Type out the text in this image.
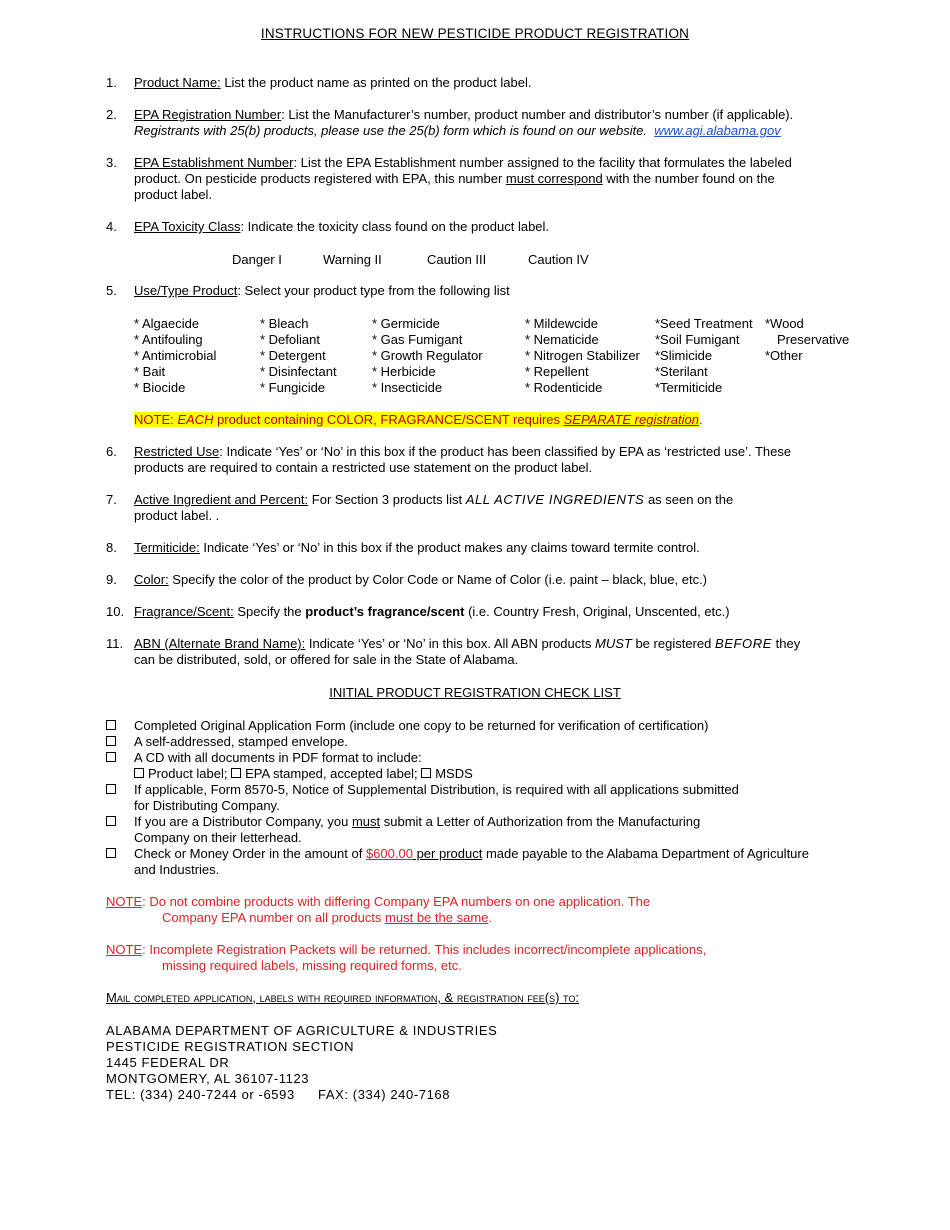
INSTRUCTIONS FOR NEW PESTICIDE PRODUCT REGISTRATION
1. Product Name: List the product name as printed on the product label.
2. EPA Registration Number: List the Manufacturer’s number, product number and distributor’s number (if applicable).
Registrants with 25(b) products, please use the 25(b) form which is found on our website. www.agi.alabama.gov
3. EPA Establishment Number: List the EPA Establishment number assigned to the facility that formulates the labeled
product. On pesticide products registered with EPA, this number must correspond with the number found on the
product label.
4. EPA Toxicity Class: Indicate the toxicity class found on the product label.
Danger I	Warning II	Caution III	Caution IV
5. Use/Type Product: Select your product type from the following list
* Algaecide	* Bleach	* Germicide	* Mildewcide	*Seed Treatment *Wood
* Antifouling	* Defoliant	* Gas Fumigant	* Nematicide	*Soil Fumigant	Preservative
* Antimicrobial	* Detergent	* Growth Regulator	* Nitrogen Stabilizer *Slimicide	*Other
* Bait	* Disinfectant	* Herbicide	* Repellent	*Sterilant
* Biocide	* Fungicide	* Insecticide	* Rodenticide	*Termiticide
NOTE: EACH product containing COLOR, FRAGRANCE/SCENT requires SEPARATE registration.
6. Restricted Use: Indicate ‘Yes’ or ‘No’ in this box if the product has been classified by EPA as ‘restricted use’. These
products are required to contain a restricted use statement on the product label.
7. Active Ingredient and Percent: For Section 3 products list ALL ACTIVE INGREDIENTS as seen on the
product label. .
8. Termiticide: Indicate ‘Yes’ or ‘No’ in this box if the product makes any claims toward termite control.
9. Color: Specify the color of the product by Color Code or Name of Color (i.e. paint – black, blue, etc.)
10. Fragrance/Scent: Specify the product’s fragrance/scent (i.e. Country Fresh, Original, Unscented, etc.)
11. ABN (Alternate Brand Name): Indicate ‘Yes’ or ‘No’ in this box. All ABN products MUST be registered BEFORE they
can be distributed, sold, or offered for sale in the State of Alabama.
INITIAL PRODUCT REGISTRATION CHECK LIST
Completed Original Application Form (include one copy to be returned for verification of certification)
A self-addressed, stamped envelope.
A CD with all documents in PDF format to include:
Product label; EPA stamped, accepted label; MSDS
If applicable, Form 8570-5, Notice of Supplemental Distribution, is required with all applications submitted
for Distributing Company.
If you are a Distributor Company, you must submit a Letter of Authorization from the Manufacturing
Company on their letterhead.
Check or Money Order in the amount of $600.00 per product made payable to the Alabama Department of Agriculture
and Industries.
NOTE: Do not combine products with differing Company EPA numbers on one application. The
Company EPA number on all products must be the same.
NOTE: Incomplete Registration Packets will be returned. This includes incorrect/incomplete applications,
missing required labels, missing required forms, etc.
Mail completed application, labels with required information, & registration fee(s) to:
ALABAMA DEPARTMENT OF AGRICULTURE & INDUSTRIES
PESTICIDE REGISTRATION SECTION
1445 FEDERAL DR
MONTGOMERY, AL 36107-1123
TEL: (334) 240-7244 or -6593 FAX: (334) 240-7168
